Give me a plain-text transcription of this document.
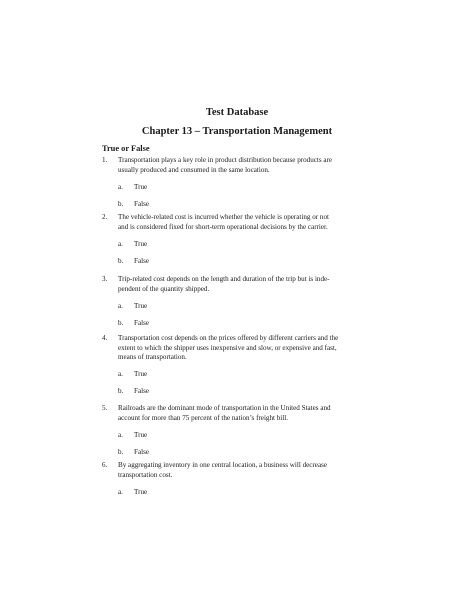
Test Database
Chapter 13 – Transportation Management
True or False
1. Transportation plays a key role in product distribution because products are
usually produced and consumed in the same location.
a. True
b. False
2. The vehicle-related cost is incurred whether the vehicle is operating or not
and is considered fixed for short-term operational decisions by the carrier.
a. True
b. False
3. Trip-related cost depends on the length and duration of the trip but is inde-
pendent of the quantity shipped.
a. True
b. False
4. Transportation cost depends on the prices offered by different carriers and the
extent to which the shipper uses inexpensive and slow, or expensive and fast,
means of transportation.
a. True
b. False
5. Railroads are the dominant mode of transportation in the United States and
account for more than 75 percent of the nation’s freight bill.
a. True
b. False
6. By aggregating inventory in one central location, a business will decrease
transportation cost.
a. True
